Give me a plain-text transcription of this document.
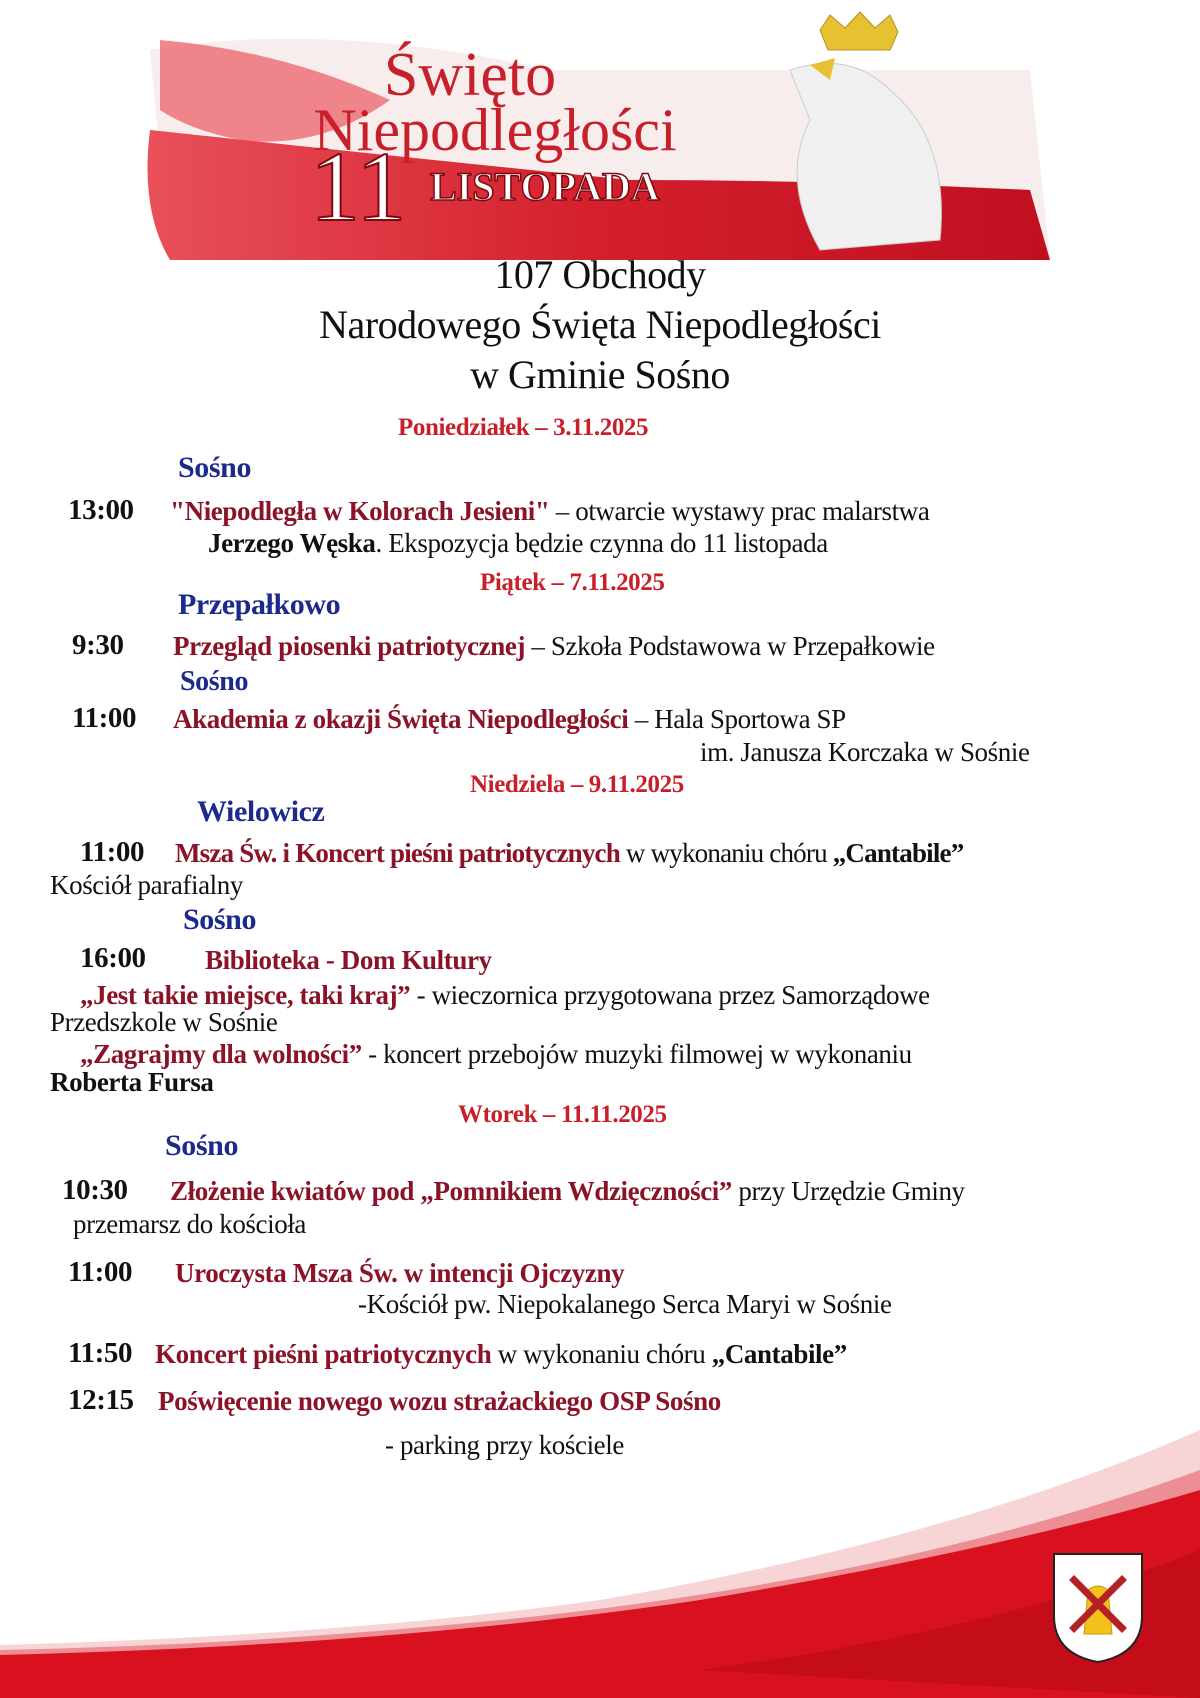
Święto
Niepodległości
11 LISTOPADA
107 Obchody
Narodowego Święta Niepodległości
w Gminie Sośno
Poniedziałek – 3.11.2025
Sośno
13:00 "Niepodległa w Kolorach Jesieni" – otwarcie wystawy prac malarstwa
Jerzego Węska. Ekspozycja będzie czynna do 11 listopada
Piątek – 7.11.2025
Przepałkowo
9:30 Przegląd piosenki patriotycznej – Szkoła Podstawowa w Przepałkowie
Sośno
11:00 Akademia z okazji Święta Niepodległości – Hala Sportowa SP
im. Janusza Korczaka w Sośnie
Niedziela – 9.11.2025
Wielowicz
11:00 Msza Św. i Koncert pieśni patriotycznych w wykonaniu chóru „Cantabile”
Kościół parafialny
Sośno
16:00 Biblioteka - Dom Kultury
„Jest takie miejsce, taki kraj” - wieczornica przygotowana przez Samorządowe
Przedszkole w Sośnie
„Zagrajmy dla wolności” - koncert przebojów muzyki filmowej w wykonaniu
Roberta Fursa
Wtorek – 11.11.2025
Sośno
10:30 Złożenie kwiatów pod „Pomnikiem Wdzięczności” przy Urzędzie Gminy
przemarsz do kościoła
11:00 Uroczysta Msza Św. w intencji Ojczyzny
-Kościół pw. Niepokalanego Serca Maryi w Sośnie
11:50 Koncert pieśni patriotycznych w wykonaniu chóru „Cantabile”
12:15 Poświęcenie nowego wozu strażackiego OSP Sośno
- parking przy kościele
